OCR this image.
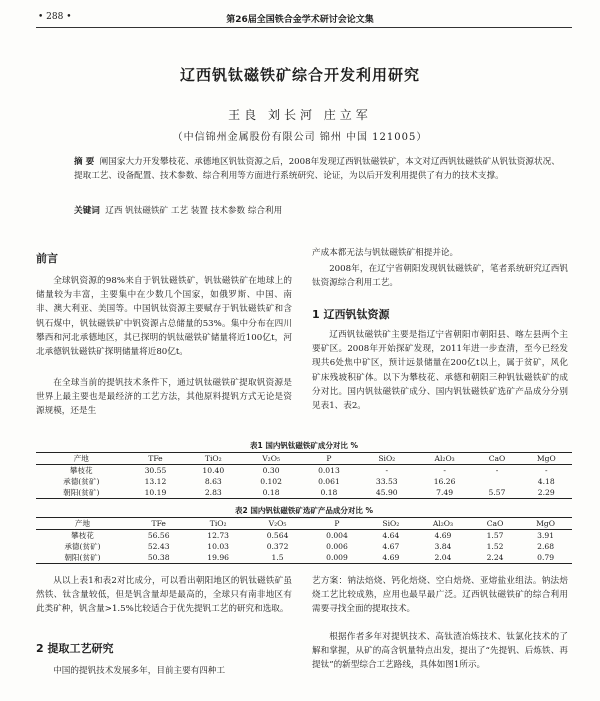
• 288 •	第26届全国铁合金学术研讨会论文集
辽西钒钛磁铁矿综合开发利用研究
王良 刘长河 庄立军
（中信锦州金属股份有限公司 锦州 中国 121005）
摘 要 阐国家大力开发攀枝花、承德地区钒钛资源之后，2008年发现辽西钒钛磁铁矿，本文对辽西钒钛磁铁矿从钒钛资源状况、提取工艺、设备配置、技术参数、综合利用等方面进行系统研究、论证，为以后开发利用提供了有力的技术支撑。
关键词 辽西 钒钛磁铁矿 工艺 装置 技术参数 综合利用
前言
全球钒资源的98%来自于钒钛磁铁矿，钒钛磁铁矿在地球上的储量较为丰富，主要集中在少数几个国家，如俄罗斯、中国、南非、澳大利亚、美国等。中国钒钛资源主要赋存于钒钛磁铁矿和含钒石煤中，钒钛磁铁矿中钒资源占总储量的53%。集中分布在四川攀西和河北承德地区，其已探明的钒钛磁铁矿储量将近100亿t，河北承德钒钛磁铁矿探明储量将近80亿t。
在全球当前的提钒技术条件下，通过钒钛磁铁矿提取钒资源是世界上最主要也是最经济的工艺方法，其他原料提钒方式无论是资源规模，还是生
产成本都无法与钒钛磁铁矿相提并论。
2008年，在辽宁省朝阳发现钒钛磁铁矿，笔者系统研究辽西钒钛资源综合利用工艺。
1 辽西钒钛资源
辽西钒钛磁铁矿主要是指辽宁省朝阳市朝阳县、喀左县两个主要矿区。2008年开始探矿发现，2011年进一步查清，至今已经发现共6处焦中矿区，预计远景储量在200亿t以上，属于贫矿，风化矿床残坡积矿体。以下为攀枝花、承德和朝阳三种钒钛磁铁矿的成分对比。国内钒钛磁铁矿成分、国内钒钛磁铁矿选矿产品成分分别见表1、表2。
表1 国内钒钛磁铁矿成分对比 %
产地	TFe	TiO₂	V₂O₅	P	SiO₂	Al₂O₃	CaO	MgO
攀枝花	30.55	10.40	0.30	0.013	-	-	-	-
承德(贫矿)	13.12	8.63	0.102	0.061	33.53	16.26		4.18
朝阳(贫矿)	10.19	2.83	0.18	0.18	45.90	7.49	5.57	2.29
表2 国内钒钛磁铁矿选矿产品成分对比 %
产地	TFe	TiO₂	V₂O₅	P	SiO₂	Al₂O₃	CaO	MgO
攀枝花	56.56	12.73	0.564	0.004	4.64	4.69	1.57	3.91
承德(贫矿)	52.43	10.03	0.372	0.006	4.67	3.84	1.52	2.68
朝阳(贫矿)	50.38	19.96	1.5	0.009	4.69	2.04	2.24	0.79
从以上表1和表2对比成分，可以看出朝阳地区的钒钛磁铁矿虽然铁、钛含量较低，但是钒含量却是最高的，全球只有南非地区有此类矿种，钒含量>1.5%比较适合于优先提钒工艺的研究和选取。
2 提取工艺研究
中国的提钒技术发展多年，目前主要有四种工
艺方案：钠法焙烧、钙化焙烧、空白焙烧、亚熔盐业组法。钠法焙烧工艺比较成熟，应用也最早最广泛。辽西钒钛磁铁矿的综合利用需要寻找全面的提取技术。
根据作者多年对提钒技术、高钛渣冶炼技术、钛氯化技术的了解和掌握，从矿的高含钒量特点出发，提出了“先提钒、后炼铁、再提钛”的新型综合工艺路线，具体如图1所示。
